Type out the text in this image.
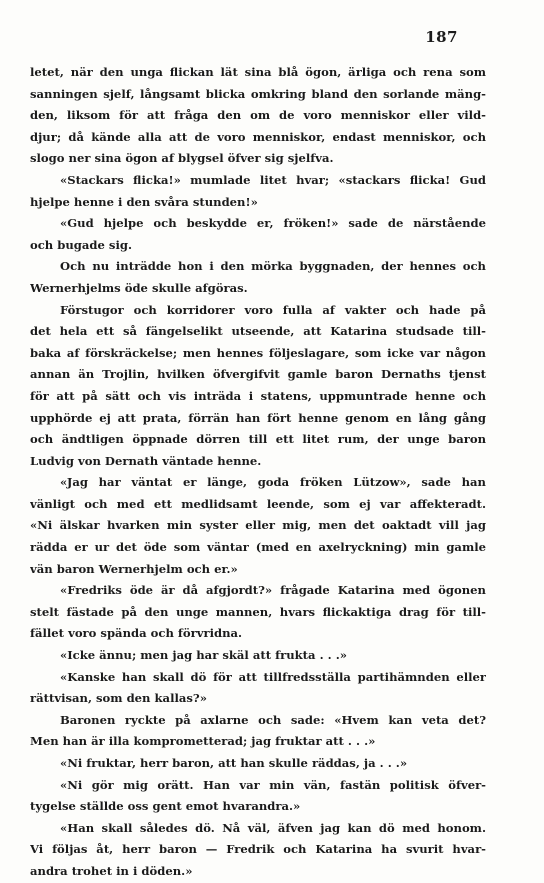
187
letet, när den unga flickan lät sina blå ögon, ärliga och rena som
sanningen sjelf, långsamt blicka omkring bland den sorlande mäng-
den, liksom för att fråga den om de voro menniskor eller vild-
djur; då kände alla att de voro menniskor, endast menniskor, och
slogo ner sina ögon af blygsel öfver sig sjelfva.
«Stackars flicka!» mumlade litet hvar; «stackars flicka! Gud
hjelpe henne i den svåra stunden!»
«Gud hjelpe och beskydde er, fröken!» sade de närstående
och bugade sig.
Och nu inträdde hon i den mörka byggnaden, der hennes och
Wernerhjelms öde skulle afgöras.
Förstugor och korridorer voro fulla af vakter och hade på
det hela ett så fängelselikt utseende, att Katarina studsade till-
baka af förskräckelse; men hennes följeslagare, som icke var någon
annan än Trojlin, hvilken öfvergifvit gamle baron Dernaths tjenst
för att på sätt och vis inträda i statens, uppmuntrade henne och
upphörde ej att prata, förrän han fört henne genom en lång gång
och ändtligen öppnade dörren till ett litet rum, der unge baron
Ludvig von Dernath väntade henne.
«Jag har väntat er länge, goda fröken Lützow», sade han
vänligt och med ett medlidsamt leende, som ej var affekteradt.
«Ni älskar hvarken min syster eller mig, men det oaktadt vill jag
rädda er ur det öde som väntar (med en axelryckning) min gamle
vän baron Wernerhjelm och er.»
«Fredriks öde är då afgjordt?» frågade Katarina med ögonen
stelt fästade på den unge mannen, hvars flickaktiga drag för till-
fället voro spända och förvridna.
«Icke ännu; men jag har skäl att frukta . . .»
«Kanske han skall dö för att tillfredsställa partihämnden eller
rättvisan, som den kallas?»
Baronen ryckte på axlarne och sade: «Hvem kan veta det?
Men han är illa komprometterad; jag fruktar att . . .»
«Ni fruktar, herr baron, att han skulle räddas, ja . . .»
«Ni gör mig orätt. Han var min vän, fastän politisk öfver-
tygelse ställde oss gent emot hvarandra.»
«Han skall således dö. Nå väl, äfven jag kan dö med honom.
Vi följas åt, herr baron — Fredrik och Katarina ha svurit hvar-
andra trohet in i döden.»
